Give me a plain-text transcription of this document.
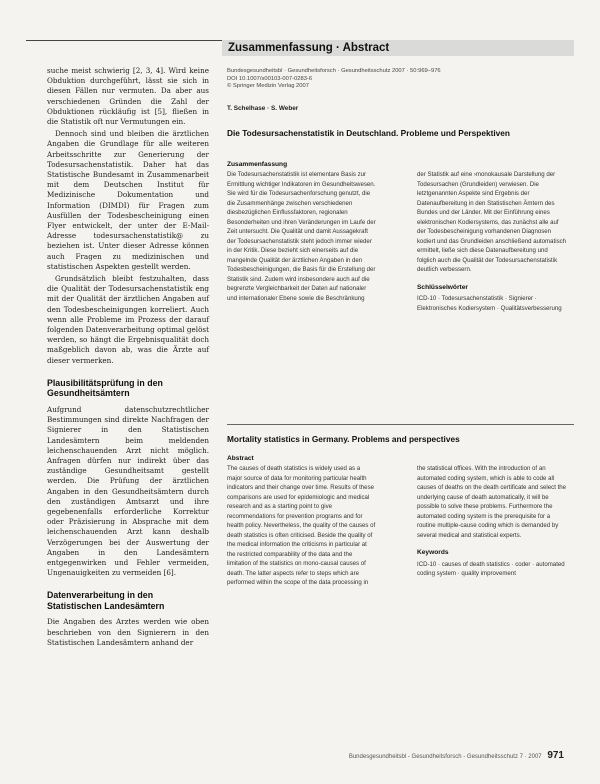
Zusammenfassung · Abstract

suche meist schwierig [2, 3, 4]. Wird keine Obduktion durchgeführt, lässt sie sich in diesen Fällen nur vermuten. Da aber aus verschiedenen Gründen die Zahl der Obduktionen rückläufig ist [5], fließen in die Statistik oft nur Vermutungen ein.

Dennoch sind und bleiben die ärztlichen Angaben die Grundlage für alle weiteren Arbeitsschritte zur Generierung der Todesursachenstatistik. Daher hat das Statistische Bundesamt in Zusammenarbeit mit dem Deutschen Institut für Medizinische Dokumentation und Information (DIMDI) für Fragen zum Ausfüllen der Todesbescheinigung einen Flyer entwickelt, der unter der E-Mail-Adresse todesursachenstatistik@ zu beziehen ist. Unter dieser Adresse können auch Fragen zu medizinischen und statistischen Aspekten gestellt werden.

Grundsätzlich bleibt festzuhalten, dass die Qualität der Todesursachenstatistik eng mit der Qualität der ärztlichen Angaben auf den Todesbescheinigungen korreliert. Auch wenn alle Probleme im Prozess der darauf folgenden Datenverarbeitung optimal gelöst werden, so hängt die Ergebnisqualität doch maßgeblich davon ab, was die Ärzte auf dieser vermerken.

Plausibilitätsprüfung in den Gesundheitsämtern

Aufgrund datenschutzrechtlicher Bestimmungen sind direkte Nachfragen der Signierer in den Statistischen Landesämtern beim meldenden leichenschauenden Arzt nicht möglich. Anfragen dürfen nur indirekt über das zuständige Gesundheitsamt gestellt werden. Die Prüfung der ärztlichen Angaben in den Gesundheitsämtern durch den zuständigen Amtsarzt und ihre gegebenenfalls erforderliche Korrektur oder Präzisierung in Absprache mit dem leichenschauenden Arzt kann deshalb Verzögerungen bei der Auswertung der Angaben in den Landesämtern entgegenwirken und Fehler vermeiden, Ungenauigkeiten zu vermeiden [6].

Datenverarbeitung in den Statistischen Landesämtern

Die Angaben des Arztes werden wie oben beschrieben von den Signierern in den Statistischen Landesämtern anhand der

Bundesgesundheitsbl · Gesundheitsforsch · Gesundheitsschutz 2007 · 50:969–976
DOI 10.1007/s00103-007-0283-6
© Springer Medizin Verlag 2007
T. Schelhase · S. Weber
Die Todesursachenstatistik in Deutschland. Probleme und Perspektiven
Zusammenfassung

Die Todesursachenstatistik ist elementare Basis zur Ermittlung wichtiger Indikatoren im Gesundheitswesen. Sie wird für die Todesursachenforschung genutzt, die die Zusammenhänge zwischen verschiedenen diesbezüglichen Einflussfaktoren, regionalen Besonderheiten und ihren Veränderungen im Laufe der Zeit untersucht. Die Qualität und damit Aussagekraft der Todesursachenstatistik steht jedoch immer wieder in der Kritik. Diese bezieht sich einerseits auf die mangelnde Qualität der ärztlichen Angaben in den Todesbescheinigungen, die Basis für die Erstellung der Statistik sind. Zudem wird insbesondere auch auf die begrenzte Vergleichbarkeit der Daten auf nationaler und internationaler Ebene sowie die Beschränkung

der Statistik auf eine ›monokausale Darstellung der Todesursachen (Grundleiden) verwiesen. Die letztgenannten Aspekte sind Ergebnis der Datenaufbereitung in den Statistischen Ämtern des Bundes und der Länder. Mit der Einführung eines elektronischen Kodiersystems, das zunächst alle auf der Todesbescheinigung vorhandenen Diagnosen kodiert und das Grundleiden anschließend automatisch ermittelt, ließe sich diese Datenaufbereitung und folglich auch die Qualität der Todesursachenstatistik deutlich verbessern.

Schlüsselwörter

ICD-10 · Todesursachenstatistik · Signierer · Elektronisches Kodiersystem · Qualitätsverbesserung

Mortality statistics in Germany. Problems and perspectives
Abstract

The causes of death statistics is widely used as a major source of data for monitoring particular health indicators and their change over time. Results of these comparisons are used for epidemiologic and medical research and as a starting point to give recommendations for prevention programs and for health policy. Nevertheless, the quality of the causes of death statistics is often criticised. Beside the quality of the medical information the criticisms in particular at the restricted comparability of the data and the limitation of the statistics on mono-causal causes of death. The latter aspects refer to steps which are performed within the scope of the data processing in

the statistical offices. With the introduction of an automated coding system, which is able to code all causes of deaths on the death certificate and select the underlying cause of death automatically, it will be possible to solve these problems. Furthermore the automated coding system is the prerequisite for a routine multiple-cause coding which is demanded by several medical and statistical experts.

Keywords

ICD-10 · causes of death statistics · coder · automated coding system · quality improvement

Bundesgesundheitsbl - Gesundheitsforsch - Gesundheitsschutz 7 · 2007 971
